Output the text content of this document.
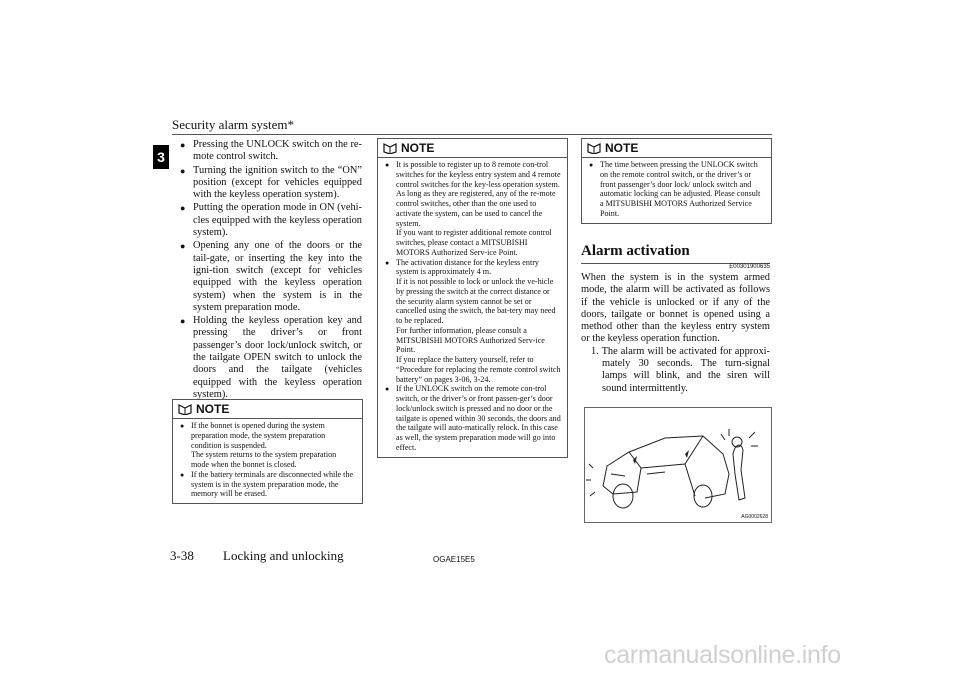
Security alarm system*
3
● Pressing the UNLOCK switch on the re-mote control switch.
● Turning the ignition switch to the “ON” position (except for vehicles equipped with the keyless operation system).
● Putting the operation mode in ON (vehi-cles equipped with the keyless operation system).
● Opening any one of the doors or the tail-gate, or inserting the key into the igni-tion switch (except for vehicles equipped with the keyless operation system) when the system is in the system preparation mode.
● Holding the keyless operation key and pressing the driver’s or front passenger’s door lock/unlock switch, or the tailgate OPEN switch to unlock the doors and the tailgate (vehicles equipped with the keyless operation system).
NOTE

● If the bonnet is opened during the system preparation mode, the system preparation condition is suspended.

The system returns to the system preparation mode when the bonnet is closed.

● If the battery terminals are disconnected while the system is in the system preparation mode, the memory will be erased.

NOTE

● It is possible to register up to 8 remote con-trol switches for the keyless entry system and 4 remote control switches for the key-less operation system.

As long as they are registered, any of the re-mote control switches, other than the one used to activate the system, can be used to cancel the system.

If you want to register additional remote control switches, please contact a MITSUBISHI MOTORS Authorized Serv-ice Point.

● The activation distance for the keyless entry system is approximately 4 m.

If it is not possible to lock or unlock the ve-hicle by pressing the switch at the correct distance or the security alarm system cannot be set or cancelled using the switch, the bat-tery may need to be replaced.

For further information, please consult a MITSUBISHI MOTORS Authorized Serv-ice Point.

If you replace the battery yourself, refer to “Procedure for replacing the remote control switch battery” on pages 3-06, 3-24.

● If the UNLOCK switch on the remote con-trol switch, or the driver’s or front passen-ger’s door lock/unlock switch is pressed and no door or the tailgate is opened within 30 seconds, the doors and the tailgate will auto-matically relock. In this case as well, the system preparation mode will go into effect.

NOTE

● The time between pressing the UNLOCK switch on the remote control switch, or the driver’s or front passenger’s door lock/ unlock switch and automatic locking can be adjusted. Please consult a MITSUBISHI MOTORS Authorized Service Point.

Alarm activation
E00301900635

When the system is in the system armed mode, the alarm will be activated as follows if the vehicle is unlocked or if any of the doors, tailgate or bonnet is opened using a method other than the keyless entry system or the keyless operation function.

1. The alarm will be activated for approxi-mately 30 seconds. The turn-signal lamps will blink, and the siren will sound intermittently.

AG0002628
3-38 Locking and unlocking	OGAE15E5
carmanualsonline.info
